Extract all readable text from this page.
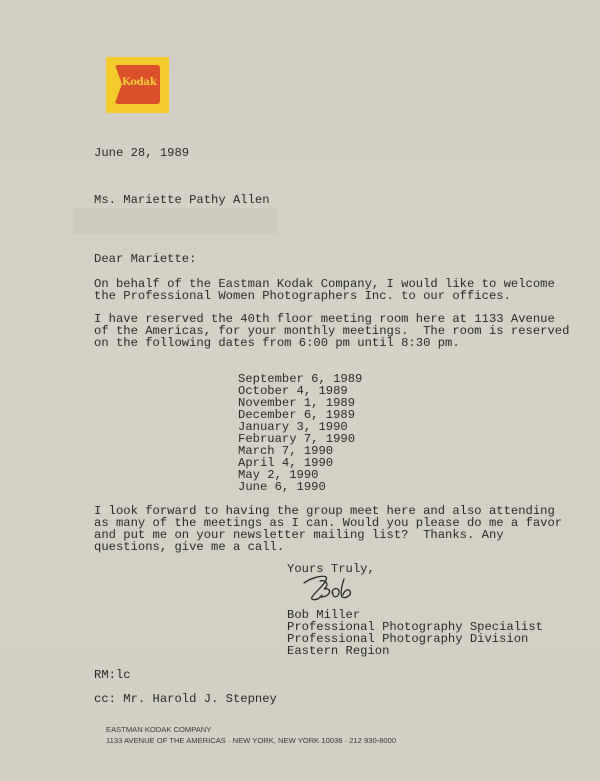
Kodak
June 28, 1989
Ms. Mariette Pathy Allen
Dear Mariette:
On behalf of the Eastman Kodak Company, I would like to welcome
the Professional Women Photographers Inc. to our offices.
I have reserved the 40th floor meeting room here at 1133 Avenue
of the Americas, for your monthly meetings.  The room is reserved
on the following dates from 6:00 pm until 8:30 pm.
September 6, 1989
October 4, 1989
November 1, 1989
December 6, 1989
January 3, 1990
February 7, 1990
March 7, 1990
April 4, 1990
May 2, 1990
June 6, 1990
I look forward to having the group meet here and also attending
as many of the meetings as I can. Would you please do me a favor
and put me on your newsletter mailing list?  Thanks. Any
questions, give me a call.
Yours Truly,
Bob Miller
Professional Photography Specialist
Professional Photography Division
Eastern Region
RM:lc
cc: Mr. Harold J. Stepney
EASTMAN KODAK COMPANY
1133 AVENUE OF THE AMERICAS · NEW YORK, NEW YORK 10036 · 212 930-8000
